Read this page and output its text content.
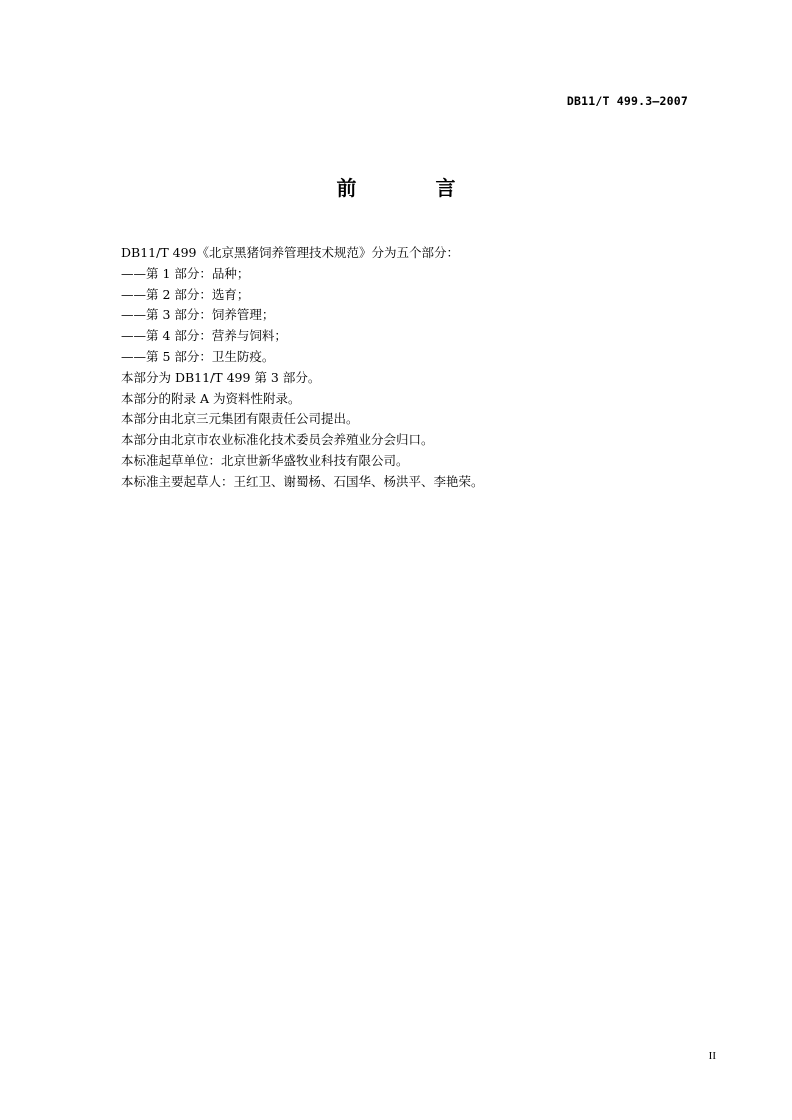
DB11/T 499.3—2007
前 言

DB11/T 499《北京黑猪饲养管理技术规范》分为五个部分：

——第 1 部分：品种；

——第 2 部分：选育；

——第 3 部分：饲养管理；

——第 4 部分：营养与饲料；

——第 5 部分：卫生防疫。

本部分为 DB11/T 499 第 3 部分。

本部分的附录 A 为资料性附录。

本部分由北京三元集团有限责任公司提出。

本部分由北京市农业标准化技术委员会养殖业分会归口。

本标准起草单位：北京世新华盛牧业科技有限公司。

本标准主要起草人：王红卫、谢蜀杨、石国华、杨洪平、李艳荣。

II
